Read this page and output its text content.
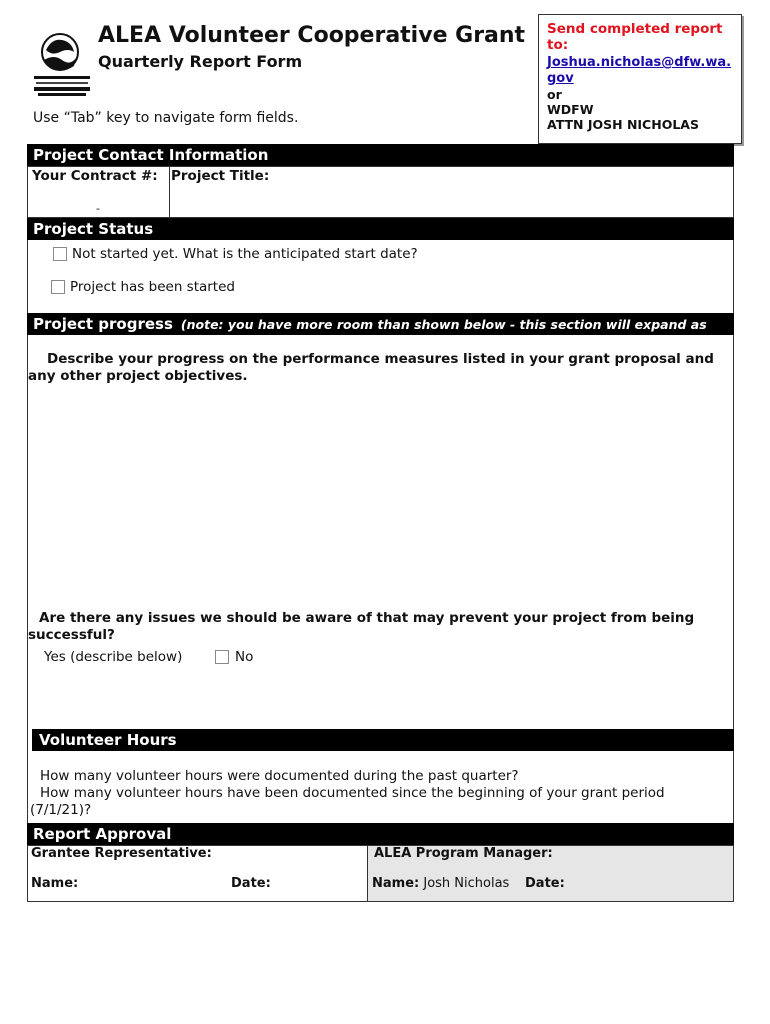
ALEA Volunteer Cooperative Grant
Quarterly Report Form
Use “Tab” key to navigate form fields.
Send completed report to:
Joshua.nicholas@dfw.wa.gov
or
WDFW
ATTN JOSH NICHOLAS
Project Contact Information
Your Contract #:
-
Project Title:
Project Status
Not started yet. What is the anticipated start date?
Project has been started
Project progress (note: you have more room than shown below - this section will expand as
Describe your progress on the performance measures listed in your grant proposal and
any other project objectives.
Are there any issues we should be aware of that may prevent your project from being
successful?
Yes (describe below)	No
Volunteer Hours
How many volunteer hours were documented during the past quarter?
How many volunteer hours have been documented since the beginning of your grant period
(7/1/21)?
Report Approval
Grantee Representative:
Name:	Date:
ALEA Program Manager:
Name: Josh Nicholas Date:
